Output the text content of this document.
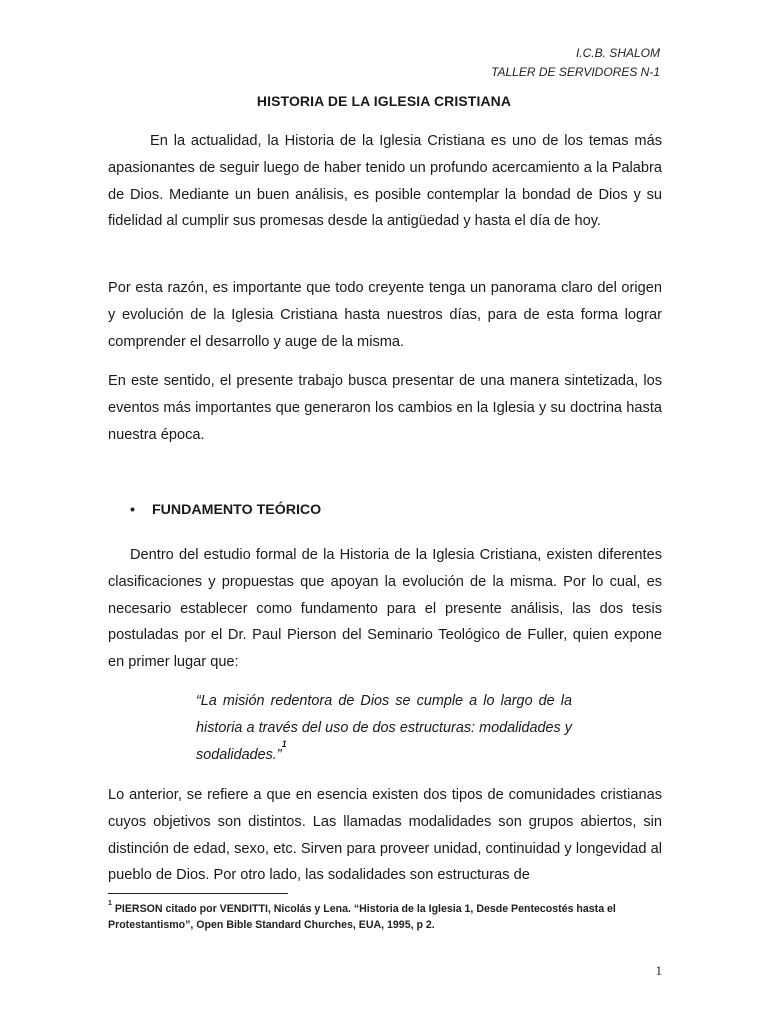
I.C.B. SHALOM
TALLER DE SERVIDORES N-1
HISTORIA DE LA IGLESIA CRISTIANA

En la actualidad, la Historia de la Iglesia Cristiana es uno de los temas más apasionantes de seguir luego de haber tenido un profundo acercamiento a la Palabra de Dios. Mediante un buen análisis, es posible contemplar la bondad de Dios y su fidelidad al cumplir sus promesas desde la antigüedad y hasta el día de hoy.

Por esta razón, es importante que todo creyente tenga un panorama claro del origen y evolución de la Iglesia Cristiana hasta nuestros días, para de esta forma lograr comprender el desarrollo y auge de la misma.

En este sentido, el presente trabajo busca presentar de una manera sintetizada, los eventos más importantes que generaron los cambios en la Iglesia y su doctrina hasta nuestra época.

• FUNDAMENTO TEÓRICO

Dentro del estudio formal de la Historia de la Iglesia Cristiana, existen diferentes clasificaciones y propuestas que apoyan la evolución de la misma. Por lo cual, es necesario establecer como fundamento para el presente análisis, las dos tesis postuladas por el Dr. Paul Pierson del Seminario Teológico de Fuller, quien expone en primer lugar que:

“La misión redentora de Dios se cumple a lo largo de la historia a través del uso de dos estructuras: modalidades y sodalidades.”$^1$

Lo anterior, se refiere a que en esencia existen dos tipos de comunidades cristianas cuyos objetivos son distintos. Las llamadas modalidades son grupos abiertos, sin distinción de edad, sexo, etc. Sirven para proveer unidad, continuidad y longevidad al pueblo de Dios. Por otro lado, las sodalidades son estructuras de

$^1$ PIERSON citado por VENDITTI, Nicolás y Lena. “Historia de la Iglesia 1, Desde Pentecostés hasta el Protestantismo”, Open Bible Standard Churches, EUA, 1995, p 2.

1
